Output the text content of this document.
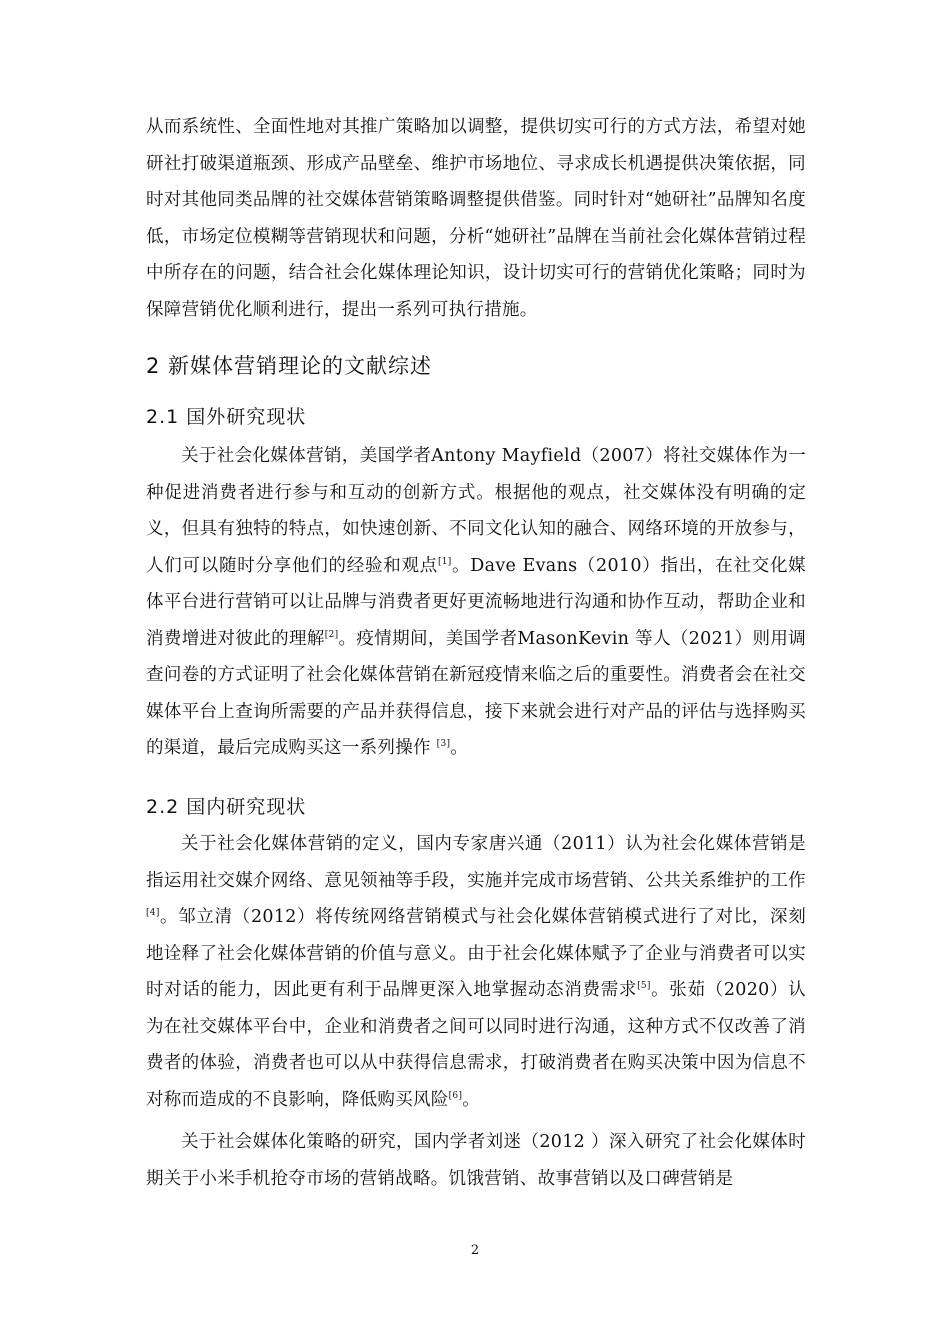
从而系统性、全面性地对其推广策略加以调整，提供切实可行的方式方法，希望对她研社打破渠道瓶颈、形成产品壁垒、维护市场地位、寻求成长机遇提供决策依据，同时对其他同类品牌的社交媒体营销策略调整提供借鉴。同时针对“她研社”品牌知名度低，市场定位模糊等营销现状和问题，分析“她研社”品牌在当前社会化媒体营销过程中所存在的问题，结合社会化媒体理论知识，设计切实可行的营销优化策略；同时为保障营销优化顺利进行，提出一系列可执行措施。

2 新媒体营销理论的文献综述
2.1 国外研究现状

关于社会化媒体营销，美国学者Antony Mayfield（2007）将社交媒体作为一种促进消费者进行参与和互动的创新方式。根据他的观点，社交媒体没有明确的定义，但具有独特的特点，如快速创新、不同文化认知的融合、网络环境的开放参与，人们可以随时分享他们的经验和观点[1]。Dave Evans（2010）指出，在社交化媒体平台进行营销可以让品牌与消费者更好更流畅地进行沟通和协作互动，帮助企业和消费增进对彼此的理解[2]。疫情期间，美国学者MasonKevin 等人（2021）则用调查问卷的方式证明了社会化媒体营销在新冠疫情来临之后的重要性。消费者会在社交媒体平台上查询所需要的产品并获得信息，接下来就会进行对产品的评估与选择购买的渠道，最后完成购买这一系列操作 [3]。

2.2 国内研究现状

关于社会化媒体营销的定义，国内专家唐兴通（2011）认为社会化媒体营销是指运用社交媒介网络、意见领袖等手段，实施并完成市场营销、公共关系维护的工作[4]。邹立清（2012）将传统网络营销模式与社会化媒体营销模式进行了对比，深刻地诠释了社会化媒体营销的价值与意义。由于社会化媒体赋予了企业与消费者可以实时对话的能力，因此更有利于品牌更深入地掌握动态消费需求[5]。张茹（2020）认为在社交媒体平台中，企业和消费者之间可以同时进行沟通，这种方式不仅改善了消费者的体验，消费者也可以从中获得信息需求，打破消费者在购买决策中因为信息不对称而造成的不良影响，降低购买风险[6]。

关于社会媒体化策略的研究，国内学者刘迷（2012 ）深入研究了社会化媒体时期关于小米手机抢夺市场的营销战略。饥饿营销、故事营销以及口碑营销是

2
